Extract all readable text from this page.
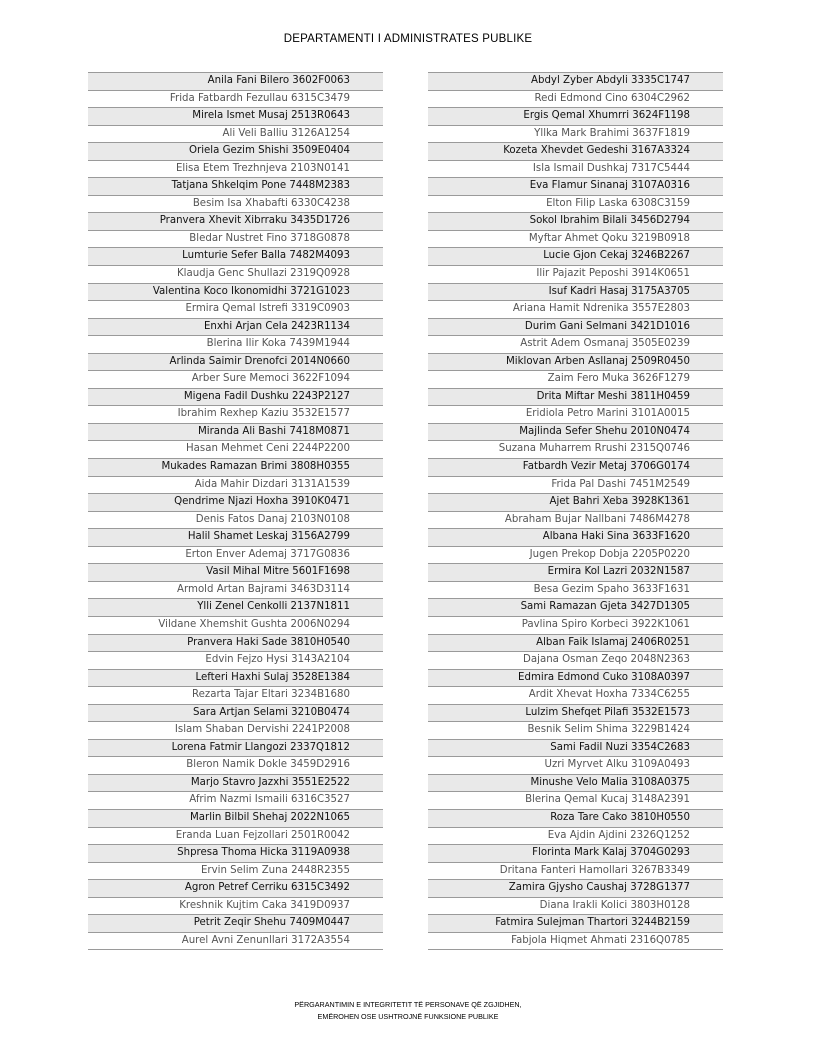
DEPARTAMENTI I ADMINISTRATES PUBLIKE
Anila Fani Bilero 3602F0063
Frida Fatbardh Fezullau 6315C3479
Mirela Ismet Musaj 2513R0643
Ali Veli Balliu 3126A1254
Oriela Gezim Shishi 3509E0404
Elisa Etem Trezhnjeva 2103N0141
Tatjana Shkelqim Pone 7448M2383
Besim Isa Xhabafti 6330C4238
Pranvera Xhevit Xibrraku 3435D1726
Bledar Nustret Fino 3718G0878
Lumturie Sefer Balla 7482M4093
Klaudja Genc Shullazi 2319Q0928
Valentina Koco Ikonomidhi 3721G1023
Ermira Qemal Istrefi 3319C0903
Enxhi Arjan Cela 2423R1134
Blerina Ilir Koka 7439M1944
Arlinda Saimir Drenofci 2014N0660
Arber Sure Memoci 3622F1094
Migena Fadil Dushku 2243P2127
Ibrahim Rexhep Kaziu 3532E1577
Miranda Ali Bashi 7418M0871
Hasan Mehmet Ceni 2244P2200
Mukades Ramazan Brimi 3808H0355
Aida Mahir Dizdari 3131A1539
Qendrime Njazi Hoxha 3910K0471
Denis Fatos Danaj 2103N0108
Halil Shamet Leskaj 3156A2799
Erton Enver Ademaj 3717G0836
Vasil Mihal Mitre 5601F1698
Armold Artan Bajrami 3463D3114
Ylli Zenel Cenkolli 2137N1811
Vildane Xhemshit Gushta 2006N0294
Pranvera Haki Sade 3810H0540
Edvin Fejzo Hysi 3143A2104
Lefteri Haxhi Sulaj 3528E1384
Rezarta Tajar Eltari 3234B1680
Sara Artjan Selami 3210B0474
Islam Shaban Dervishi 2241P2008
Lorena Fatmir Llangozi 2337Q1812
Bleron Namik Dokle 3459D2916
Marjo Stavro Jazxhi 3551E2522
Afrim Nazmi Ismaili 6316C3527
Marlin Bilbil Shehaj 2022N1065
Eranda Luan Fejzollari 2501R0042
Shpresa Thoma Hicka 3119A0938
Ervin Selim Zuna 2448R2355
Agron Petref Cerriku 6315C3492
Kreshnik Kujtim Caka 3419D0937
Petrit Zeqir Shehu 7409M0447
Aurel Avni Zenunllari 3172A3554
Abdyl Zyber Abdyli 3335C1747
Redi Edmond Cino 6304C2962
Ergis Qemal Xhumrri 3624F1198
Yllka Mark Brahimi 3637F1819
Kozeta Xhevdet Gedeshi 3167A3324
Isla Ismail Dushkaj 7317C5444
Eva Flamur Sinanaj 3107A0316
Elton Filip Laska 6308C3159
Sokol Ibrahim Bilali 3456D2794
Myftar Ahmet Qoku 3219B0918
Lucie Gjon Cekaj 3246B2267
Ilir Pajazit Peposhi 3914K0651
Isuf Kadri Hasaj 3175A3705
Ariana Hamit Ndrenika 3557E2803
Durim Gani Selmani 3421D1016
Astrit Adem Osmanaj 3505E0239
Miklovan Arben Asllanaj 2509R0450
Zaim Fero Muka 3626F1279
Drita Miftar Meshi 3811H0459
Eridiola Petro Marini 3101A0015
Majlinda Sefer Shehu 2010N0474
Suzana Muharrem Rrushi 2315Q0746
Fatbardh Vezir Metaj 3706G0174
Frida Pal Dashi 7451M2549
Ajet Bahri Xeba 3928K1361
Abraham Bujar Nallbani 7486M4278
Albana Haki Sina 3633F1620
Jugen Prekop Dobja 2205P0220
Ermira Kol Lazri 2032N1587
Besa Gezim Spaho 3633F1631
Sami Ramazan Gjeta 3427D1305
Pavlina Spiro Korbeci 3922K1061
Alban Faik Islamaj 2406R0251
Dajana Osman Zeqo 2048N2363
Edmira Edmond Cuko 3108A0397
Ardit Xhevat Hoxha 7334C6255
Lulzim Shefqet Pilafi 3532E1573
Besnik Selim Shima 3229B1424
Sami Fadil Nuzi 3354C2683
Uzri Myrvet Alku 3109A0493
Minushe Velo Malia 3108A0375
Blerina Qemal Kucaj 3148A2391
Roza Tare Cako 3810H0550
Eva Ajdin Ajdini 2326Q1252
Florinta Mark Kalaj 3704G0293
Dritana Fanteri Hamollari 3267B3349
Zamira Gjysho Caushaj 3728G1377
Diana Irakli Kolici 3803H0128
Fatmira Sulejman Thartori 3244B2159
Fabjola Hiqmet Ahmati 2316Q0785
PËRGARANTIMIN E INTEGRITETIT TË PERSONAVE QË ZGJIDHEN,
EMËROHEN OSE USHTROJNË FUNKSIONE PUBLIKE
